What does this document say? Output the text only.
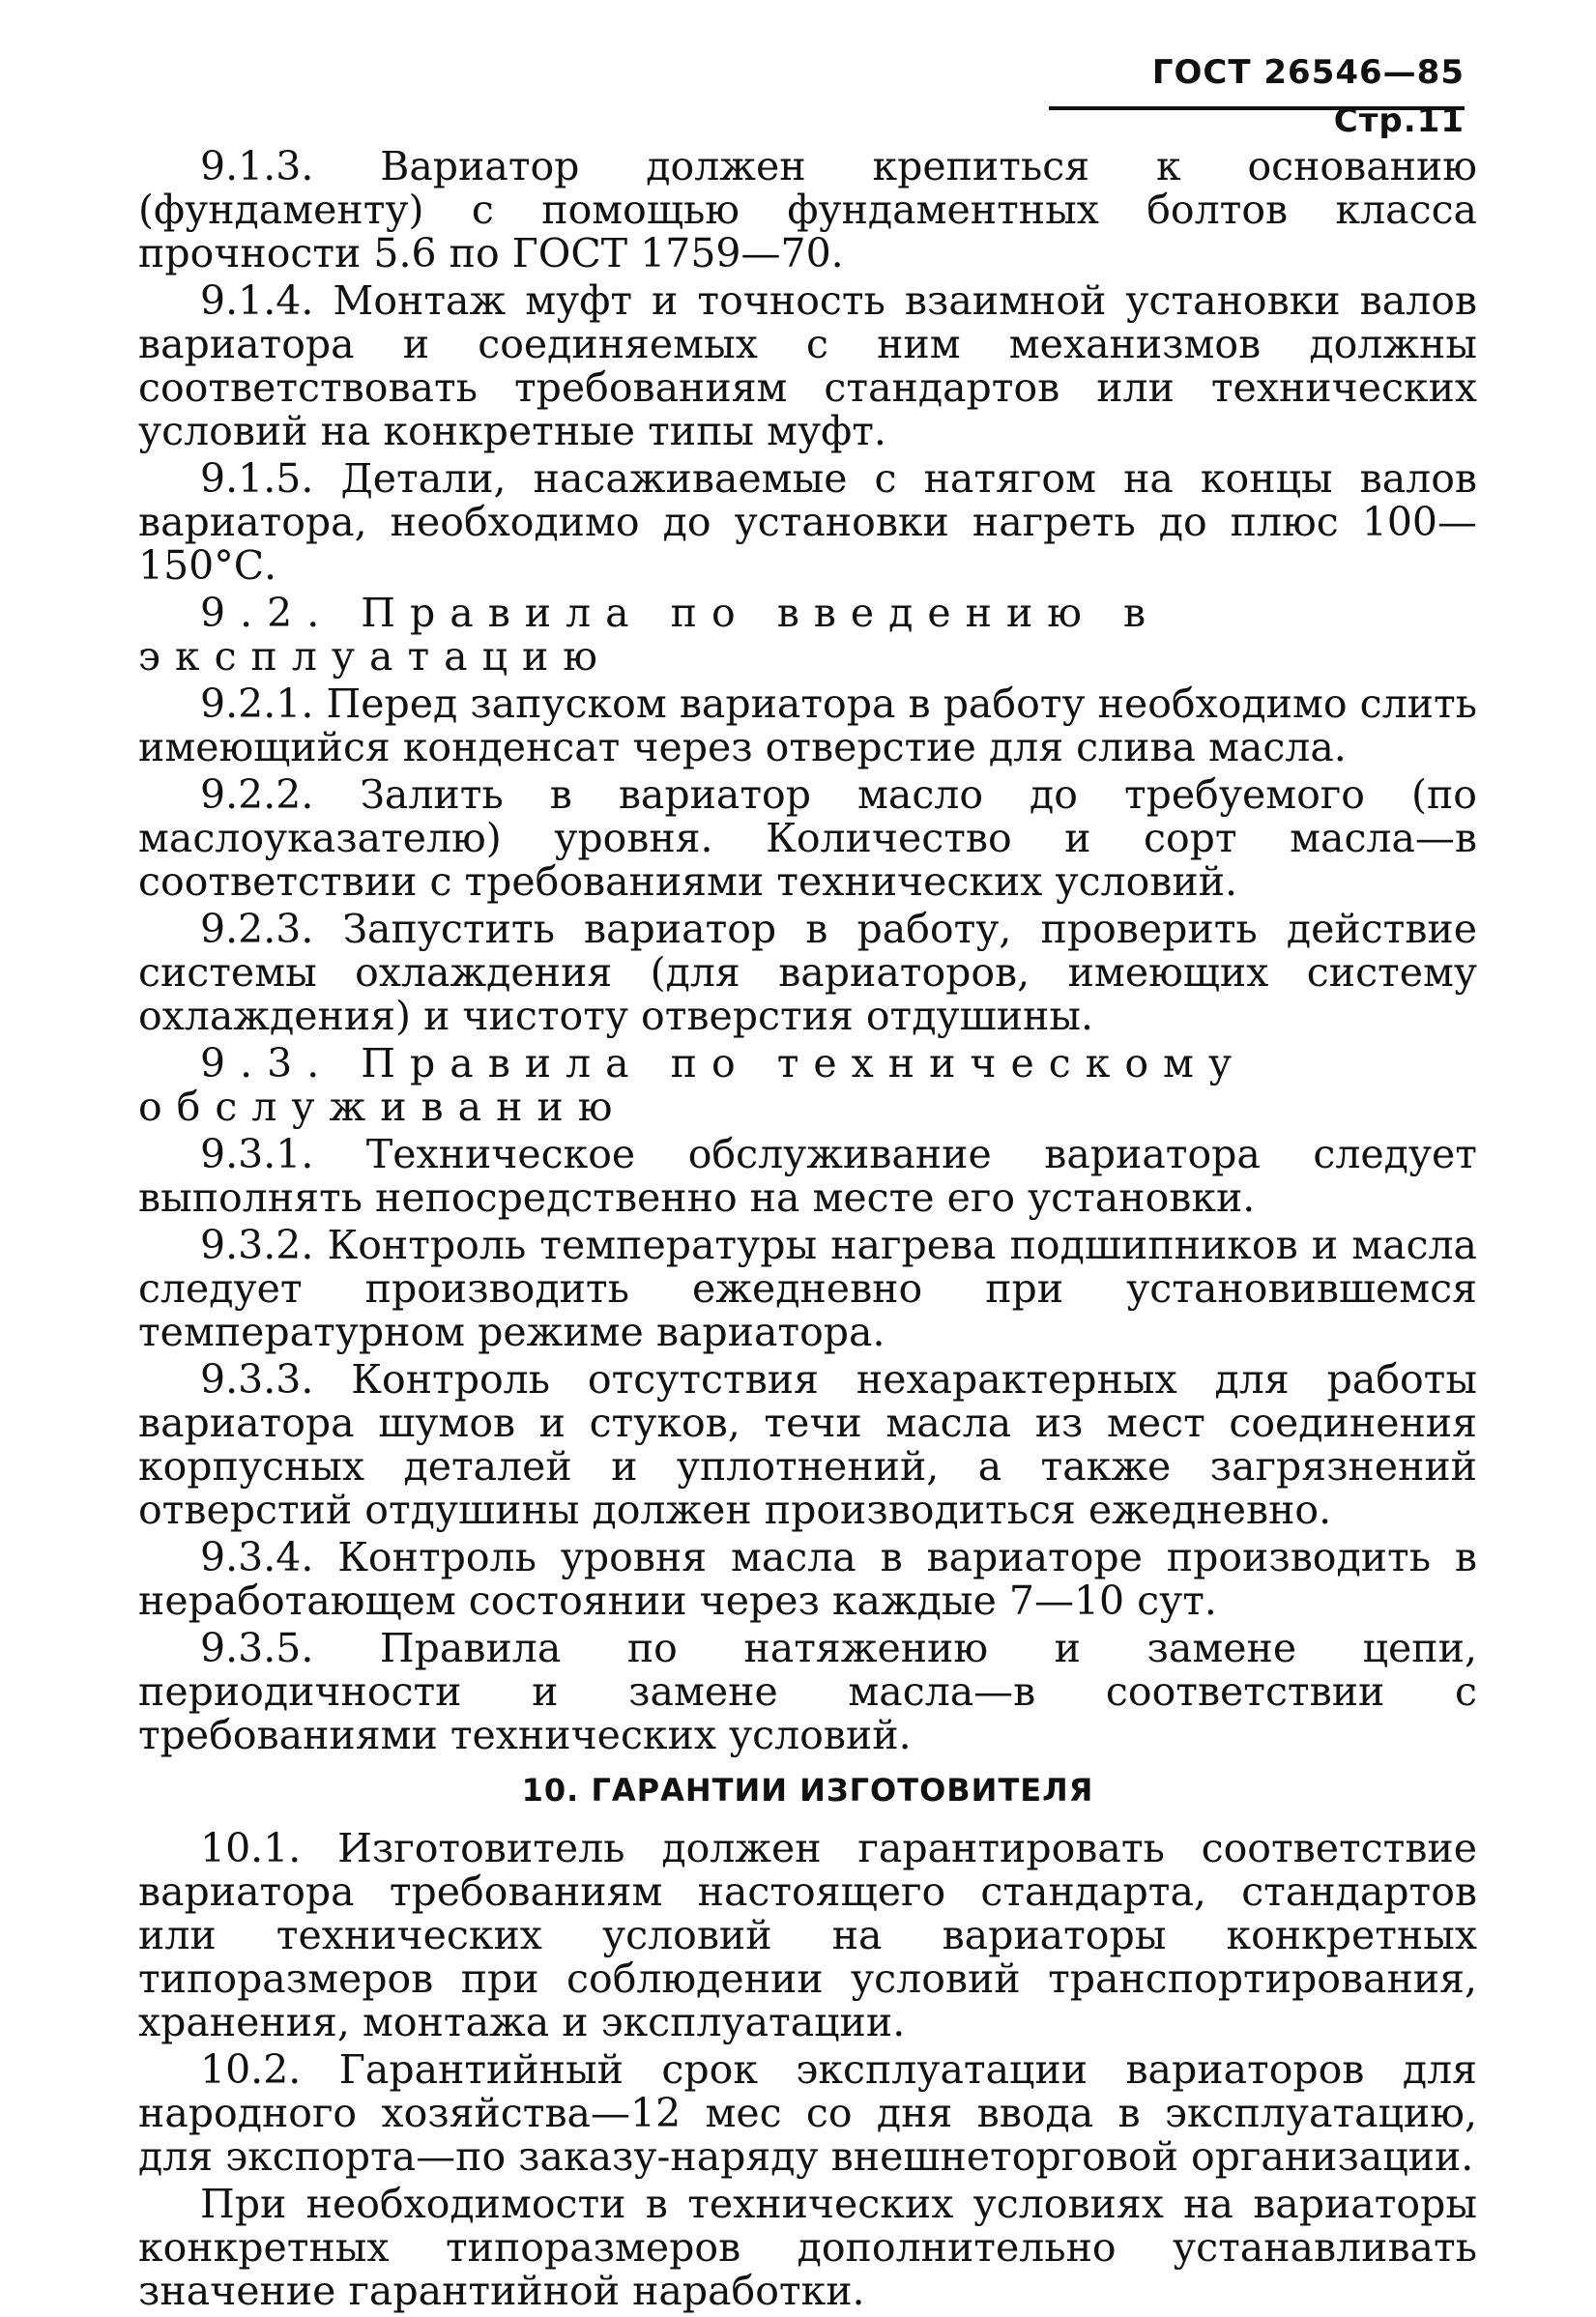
ГОСТ 26546—85 Стр.11

9.1.3. Вариатор должен крепиться к основанию (фундаменту) с помощью фундаментных болтов класса прочности 5.6 по ГОСТ 1759—70.

9.1.4. Монтаж муфт и точность взаимной установки валов вариатора и соединяемых с ним механизмов должны соответствовать требованиям стандартов или технических условий на конкретные типы муфт.

9.1.5. Детали, насаживаемые с натягом на концы валов вариатора, необходимо до установки нагреть до плюс 100—150°С.

9.2. Правила по введению в эксплуатацию

9.2.1. Перед запуском вариатора в работу необходимо слить имеющийся конденсат через отверстие для слива масла.

9.2.2. Залить в вариатор масло до требуемого (по маслоуказателю) уровня. Количество и сорт масла—в соответствии с требованиями технических условий.

9.2.3. Запустить вариатор в работу, проверить действие системы охлаждения (для вариаторов, имеющих систему охлаждения) и чистоту отверстия отдушины.

9.3. Правила по техническому обслуживанию

9.3.1. Техническое обслуживание вариатора следует выполнять непосредственно на месте его установки.

9.3.2. Контроль температуры нагрева подшипников и масла следует производить ежедневно при установившемся температурном режиме вариатора.

9.3.3. Контроль отсутствия нехарактерных для работы вариатора шумов и стуков, течи масла из мест соединения корпусных деталей и уплотнений, а также загрязнений отверстий отдушины должен производиться ежедневно.

9.3.4. Контроль уровня масла в вариаторе производить в неработающем состоянии через каждые 7—10 сут.

9.3.5. Правила по натяжению и замене цепи, периодичности и замене масла—в соответствии с требованиями технических условий.

10. ГАРАНТИИ ИЗГОТОВИТЕЛЯ

10.1. Изготовитель должен гарантировать соответствие вариатора требованиям настоящего стандарта, стандартов или технических условий на вариаторы конкретных типоразмеров при соблюдении условий транспортирования, хранения, монтажа и эксплуатации.

10.2. Гарантийный срок эксплуатации вариаторов для народного хозяйства—12 мес со дня ввода в эксплуатацию, для экспорта—по заказу-наряду внешнеторговой организации.

При необходимости в технических условиях на вариаторы конкретных типоразмеров дополнительно устанавливать значение гарантийной наработки.
